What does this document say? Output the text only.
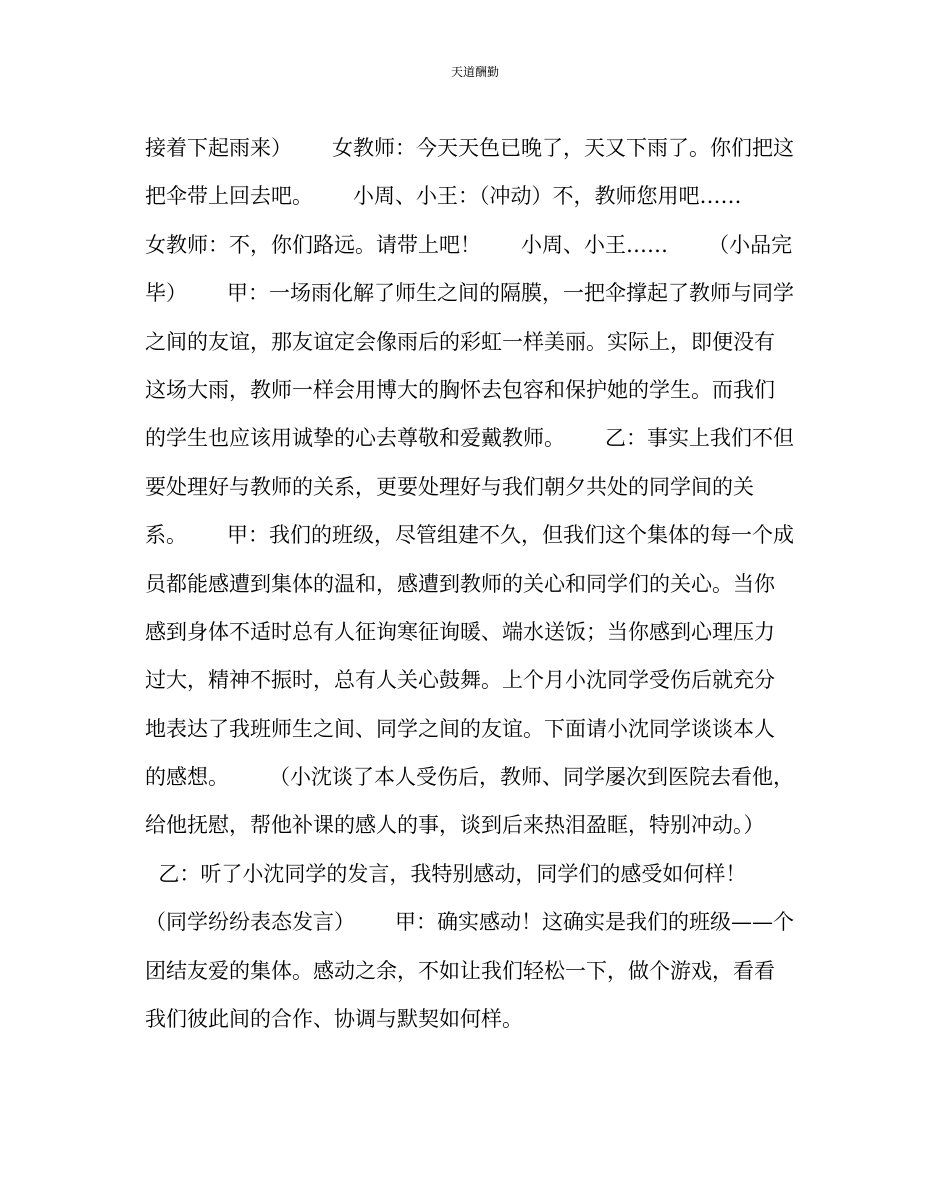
天道酬勤
接着下起雨来）      女教师：今天天色已晚了，天又下雨了。你们把这
把伞带上回去吧。      小周、小王：（冲动）不，教师您用吧……
女教师：不，你们路远。请带上吧！      小周、小王……      （小品完
毕）      甲：一场雨化解了师生之间的隔膜，一把伞撑起了教师与同学
之间的友谊，那友谊定会像雨后的彩虹一样美丽。实际上，即便没有
这场大雨，教师一样会用博大的胸怀去包容和保护她的学生。而我们
的学生也应该用诚挚的心去尊敬和爱戴教师。      乙：事实上我们不但
要处理好与教师的关系，更要处理好与我们朝夕共处的同学间的关
系。      甲：我们的班级，尽管组建不久，但我们这个集体的每一个成
员都能感遭到集体的温和，感遭到教师的关心和同学们的关心。当你
感到身体不适时总有人征询寒征询暖、端水送饭；当你感到心理压力
过大，精神不振时，总有人关心鼓舞。上个月小沈同学受伤后就充分
地表达了我班师生之间、同学之间的友谊。下面请小沈同学谈谈本人
的感想。      （小沈谈了本人受伤后，教师、同学屡次到医院去看他，
给他抚慰，帮他补课的感人的事，谈到后来热泪盈眶，特别冲动。）
乙：听了小沈同学的发言，我特别感动，同学们的感受如何样！
（同学纷纷表态发言）      甲：确实感动！这确实是我们的班级——个
团结友爱的集体。感动之余，不如让我们轻松一下，做个游戏，看看
我们彼此间的合作、协调与默契如何样。
